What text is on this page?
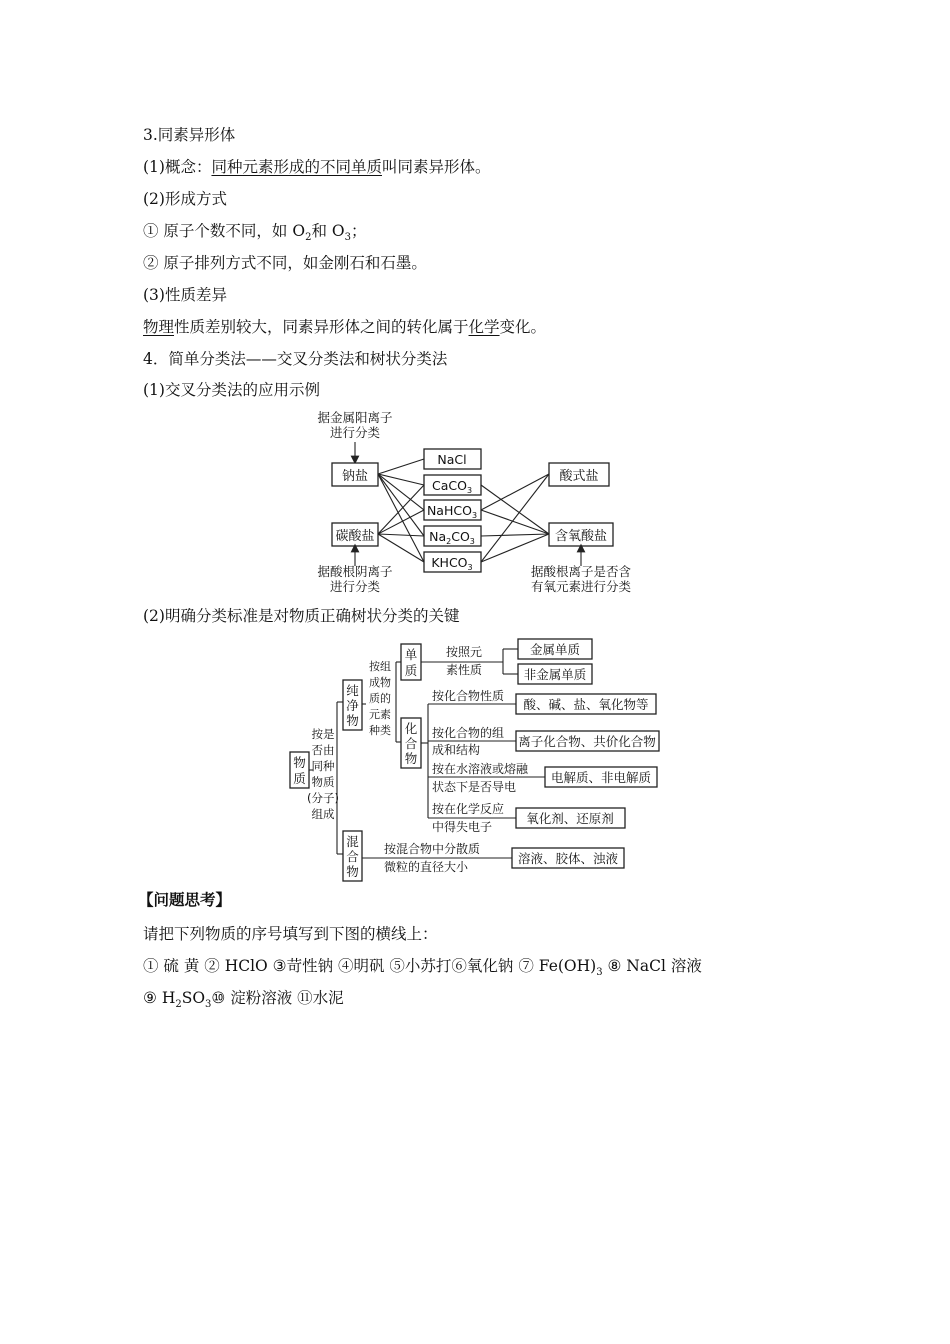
3.同素异形体
(1)概念：同种元素形成的不同单质叫同素异形体。
(2)形成方式
① 原子个数不同，如 $O_2$和 $O_3$；
② 原子排列方式不同，如金刚石和石墨。
(3)性质差异
物理性质差别较大，同素异形体之间的转化属于化学变化。
4．简单分类法——交叉分类法和树状分类法
(1)交叉分类法的应用示例
据金属阳离子
进行分类
钠盐
碳酸盐
据酸根阴离子
进行分类
NaCl
CaCO$_3$
NaHCO$_3$
$Na_2CO_3$
$KHCO_3$
酸式盐
含氧酸盐
据酸根离子是否含
有氧元素进行分类
(2)明确分类标准是对物质正确树状分类的关键
物
质
按是
否由
同种
物质
(分子)
组成
纯
净
物
混
合
物
按组
成物
质的
元素
种类
单
质
按照元
素性质
金属单质
非金属单质
化
合
物
按化合物性质
酸、碱、盐、氧化物等
按化合物的组
成和结构
离子化合物、共价化合物
按在水溶液或熔融
状态下是否导电
电解质、非电解质
按在化学反应
中得失电子
氧化剂、还原剂
按混合物中分散质
微粒的直径大小
溶液、胶体、浊液
【问题思考】
请把下列物质的序号填写到下图的横线上：
① 硫 黄 ② HClO ③苛性钠 ④明矾 ⑤小苏打⑥氧化钠 ⑦ $Fe(OH)_3$ ⑧ NaCl 溶液
⑨ $H_2SO_3⑩$ 淀粉溶液 ⑪水泥
